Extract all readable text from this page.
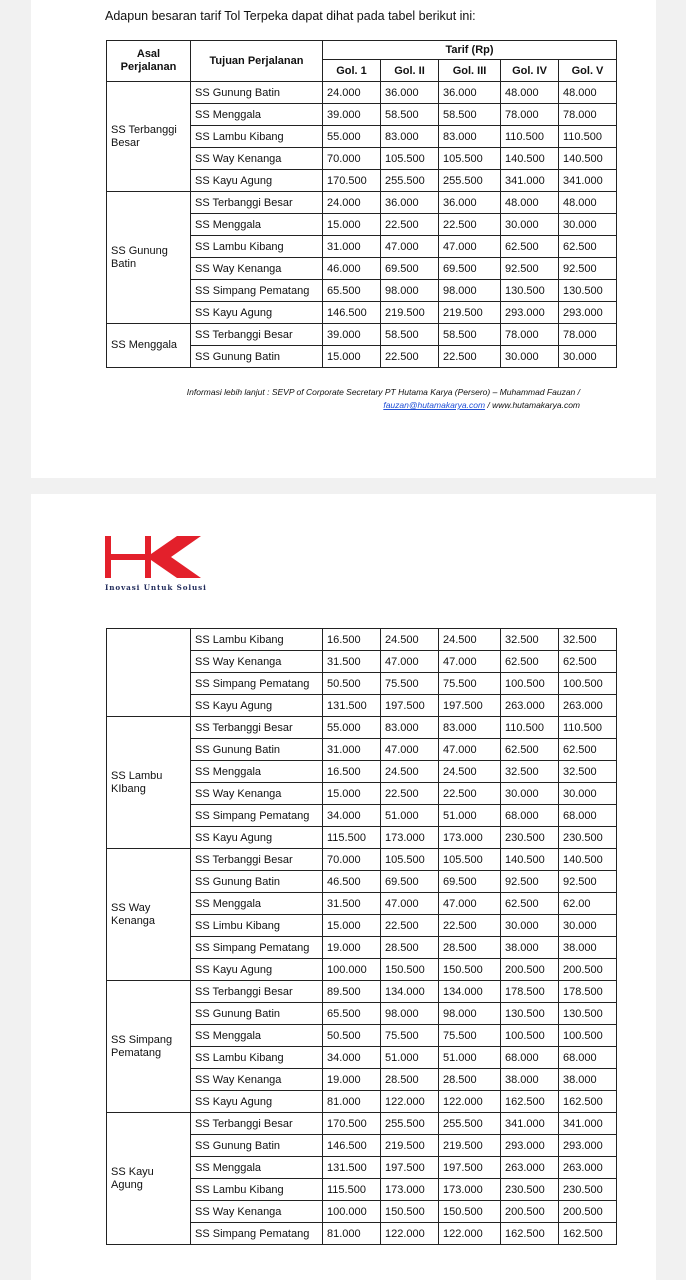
Adapun besaran tarif Tol Terpeka dapat dihat pada tabel berikut ini:

Asal Perjalanan	Tujuan Perjalanan	Tarif (Rp)				
		Gol. 1	Gol. II	Gol. III	Gol. IV	Gol. V
SS Terbanggi Besar	SS Gunung Batin	24.000	36.000	36.000	48.000	48.000
	SS Menggala	39.000	58.500	58.500	78.000	78.000
	SS Lambu Kibang	55.000	83.000	83.000	110.500	110.500
	SS Way Kenanga	70.000	105.500	105.500	140.500	140.500
	SS Kayu Agung	170.500	255.500	255.500	341.000	341.000
SS Gunung Batin	SS Terbanggi Besar	24.000	36.000	36.000	48.000	48.000
	SS Menggala	15.000	22.500	22.500	30.000	30.000
	SS Lambu Kibang	31.000	47.000	47.000	62.500	62.500
	SS Way Kenanga	46.000	69.500	69.500	92.500	92.500
	SS Simpang Pematang	65.500	98.000	98.000	130.500	130.500
	SS Kayu Agung	146.500	219.500	219.500	293.000	293.000
SS Menggala	SS Terbanggi Besar	39.000	58.500	58.500	78.000	78.000
	SS Gunung Batin	15.000	22.500	22.500	30.000	30.000
Informasi lebih lanjut : SEVP of Corporate Secretary PT Hutama Karya (Persero) – Muhammad Fauzan /
fauzan@hutamakarya.com / www.hutamakarya.com
Inovasi Untuk Solusi
	SS Lambu Kibang	16.500	24.500	24.500	32.500	32.500
	SS Way Kenanga	31.500	47.000	47.000	62.500	62.500
	SS Simpang Pematang	50.500	75.500	75.500	100.500	100.500
	SS Kayu Agung	131.500	197.500	197.500	263.000	263.000
SS Lambu KIbang	SS Terbanggi Besar	55.000	83.000	83.000	110.500	110.500
	SS Gunung Batin	31.000	47.000	47.000	62.500	62.500
	SS Menggala	16.500	24.500	24.500	32.500	32.500
	SS Way Kenanga	15.000	22.500	22.500	30.000	30.000
	SS Simpang Pematang	34.000	51.000	51.000	68.000	68.000
	SS Kayu Agung	115.500	173.000	173.000	230.500	230.500
SS Way Kenanga	SS Terbanggi Besar	70.000	105.500	105.500	140.500	140.500
	SS Gunung Batin	46.500	69.500	69.500	92.500	92.500
	SS Menggala	31.500	47.000	47.000	62.500	62.00
	SS Limbu Kibang	15.000	22.500	22.500	30.000	30.000
	SS Simpang Pematang	19.000	28.500	28.500	38.000	38.000
	SS Kayu Agung	100.000	150.500	150.500	200.500	200.500
SS Simpang Pematang	SS Terbanggi Besar	89.500	134.000	134.000	178.500	178.500
	SS Gunung Batin	65.500	98.000	98.000	130.500	130.500
	SS Menggala	50.500	75.500	75.500	100.500	100.500
	SS Lambu Kibang	34.000	51.000	51.000	68.000	68.000
	SS Way Kenanga	19.000	28.500	28.500	38.000	38.000
	SS Kayu Agung	81.000	122.000	122.000	162.500	162.500
SS Kayu Agung	SS Terbanggi Besar	170.500	255.500	255.500	341.000	341.000
	SS Gunung Batin	146.500	219.500	219.500	293.000	293.000
	SS Menggala	131.500	197.500	197.500	263.000	263.000
	SS Lambu Kibang	115.500	173.000	173.000	230.500	230.500
	SS Way Kenanga	100.000	150.500	150.500	200.500	200.500
	SS Simpang Pematang	81.000	122.000	122.000	162.500	162.500
